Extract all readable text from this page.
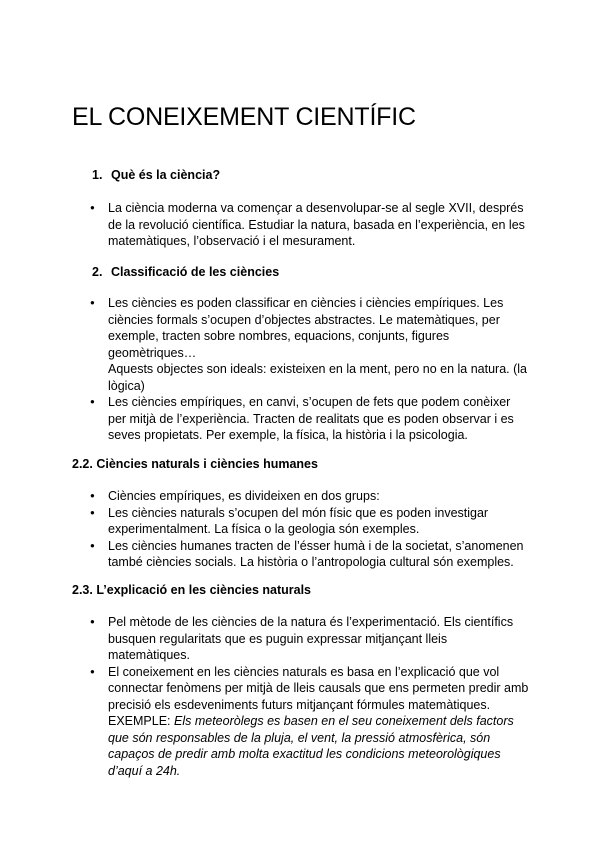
EL CONEIXEMENT CIENTÍFIC
1. Què és la ciència?
● La ciència moderna va començar a desenvolupar-se al segle XVII, després de la revolució científica. Estudiar la natura, basada en l’experiència, en les matemàtiques, l’observació i el mesurament.
2. Classificació de les ciències
● Les ciències es poden classificar en ciències i ciències empíriques. Les ciències formals s’ocupen d’objectes abstractes. Le matemàtiques, per exemple, tracten sobre nombres, equacions, conjunts, figures geomètriques…
Aquests objectes son ideals: existeixen en la ment, pero no en la natura. (la lògica)
● Les ciències empíriques, en canvi, s’ocupen de fets que podem conèixer per mitjà de l’experiència. Tracten de realitats que es poden observar i es seves propietats. Per exemple, la física, la història i la psicologia.
2.2. Ciències naturals i ciències humanes
● Ciències empíriques, es divideixen en dos grups:
● Les ciències naturals s’ocupen del món físic que es poden investigar experimentalment. La física o la geologia són exemples.
● Les ciències humanes tracten de l’ésser humà i de la societat, s’anomenen també ciències socials. La història o l’antropologia cultural són exemples.
2.3. L’explicació en les ciències naturals
● Pel mètode de les ciències de la natura és l’experimentació. Els científics busquen regularitats que es puguin expressar mitjançant lleis matemàtiques.
● El coneixement en les ciències naturals es basa en l’explicació que vol connectar fenòmens per mitjà de lleis causals que ens permeten predir amb precisió els esdeveniments futurs mitjançant fórmules matemàtiques.
EXEMPLE: Els meteoròlegs es basen en el seu coneixement dels factors que són responsables de la pluja, el vent, la pressió atmosfèrica, són capaços de predir amb molta exactitud les condicions meteorològiques d’aquí a 24h.
